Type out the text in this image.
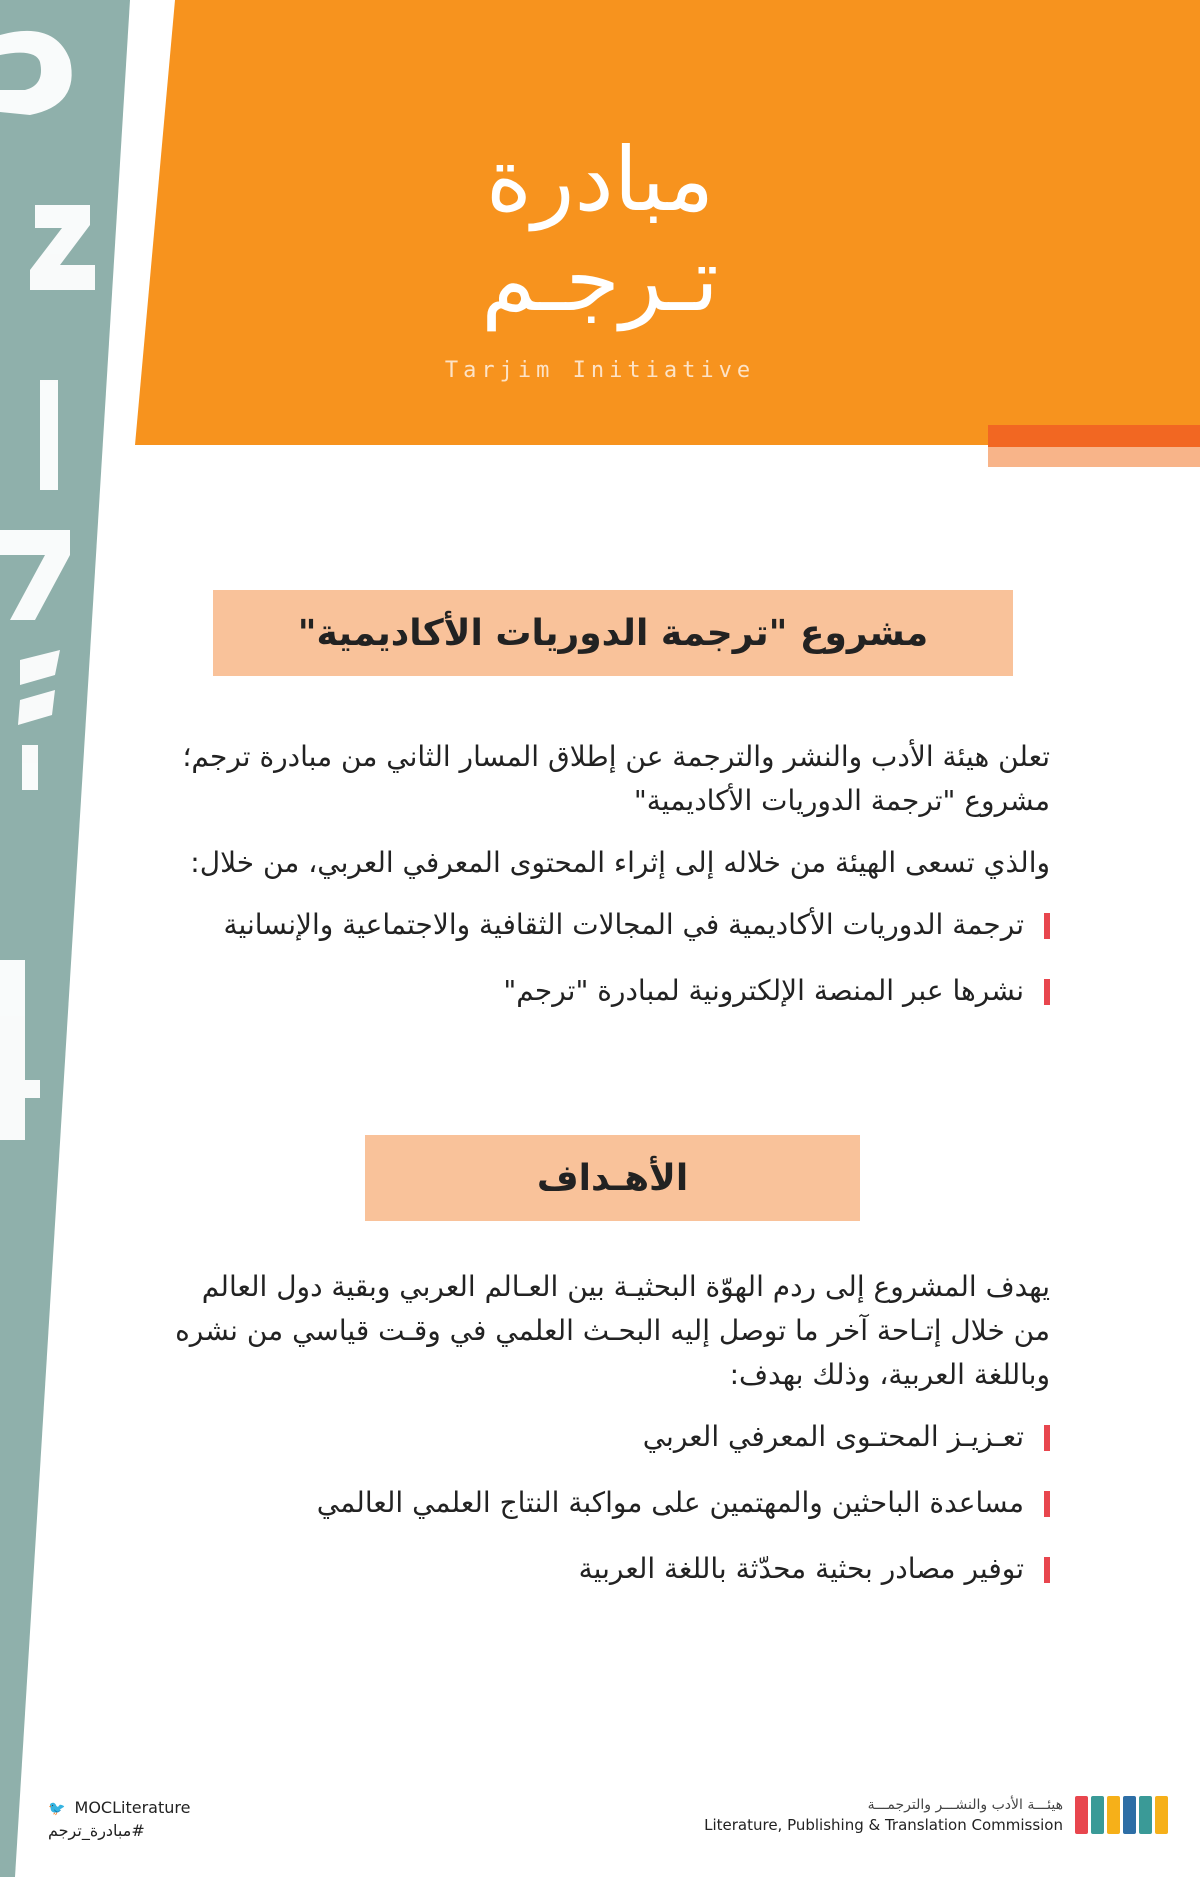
مبادرة
تـرجـم
Tarjim Initiative
مشروع "ترجمة الدوريات الأكاديمية"

تعلن هيئة الأدب والنشر والترجمة عن إطلاق المسار الثاني من مبادرة ترجم؛ مشروع "ترجمة الدوريات الأكاديمية"

والذي تسعى الهيئة من خلاله إلى إثراء المحتوى المعرفي العربي، من خلال:

ترجمة الدوريات الأكاديمية في المجالات الثقافية والاجتماعية والإنسانية
نشرها عبر المنصة الإلكترونية لمبادرة "ترجم"
الأهـداف

يهدف المشروع إلى ردم الهوّة البحثيـة بين العـالم العربي وبقية دول العالم من خلال إتـاحة آخر ما توصل إليه البحـث العلمي في وقـت قياسي من نشره وباللغة العربية، وذلك بهدف:

تعـزيـز المحتـوى المعرفي العربي
مساعدة الباحثين والمهتمين على مواكبة النتاج العلمي العالمي
توفير مصادر بحثية محدّثة باللغة العربية
🐦 MOCLiterature
#مبادرة_ترجم
هيئـــة الأدب والنشـــر والترجمـــة
Literature, Publishing & Translation Commission
